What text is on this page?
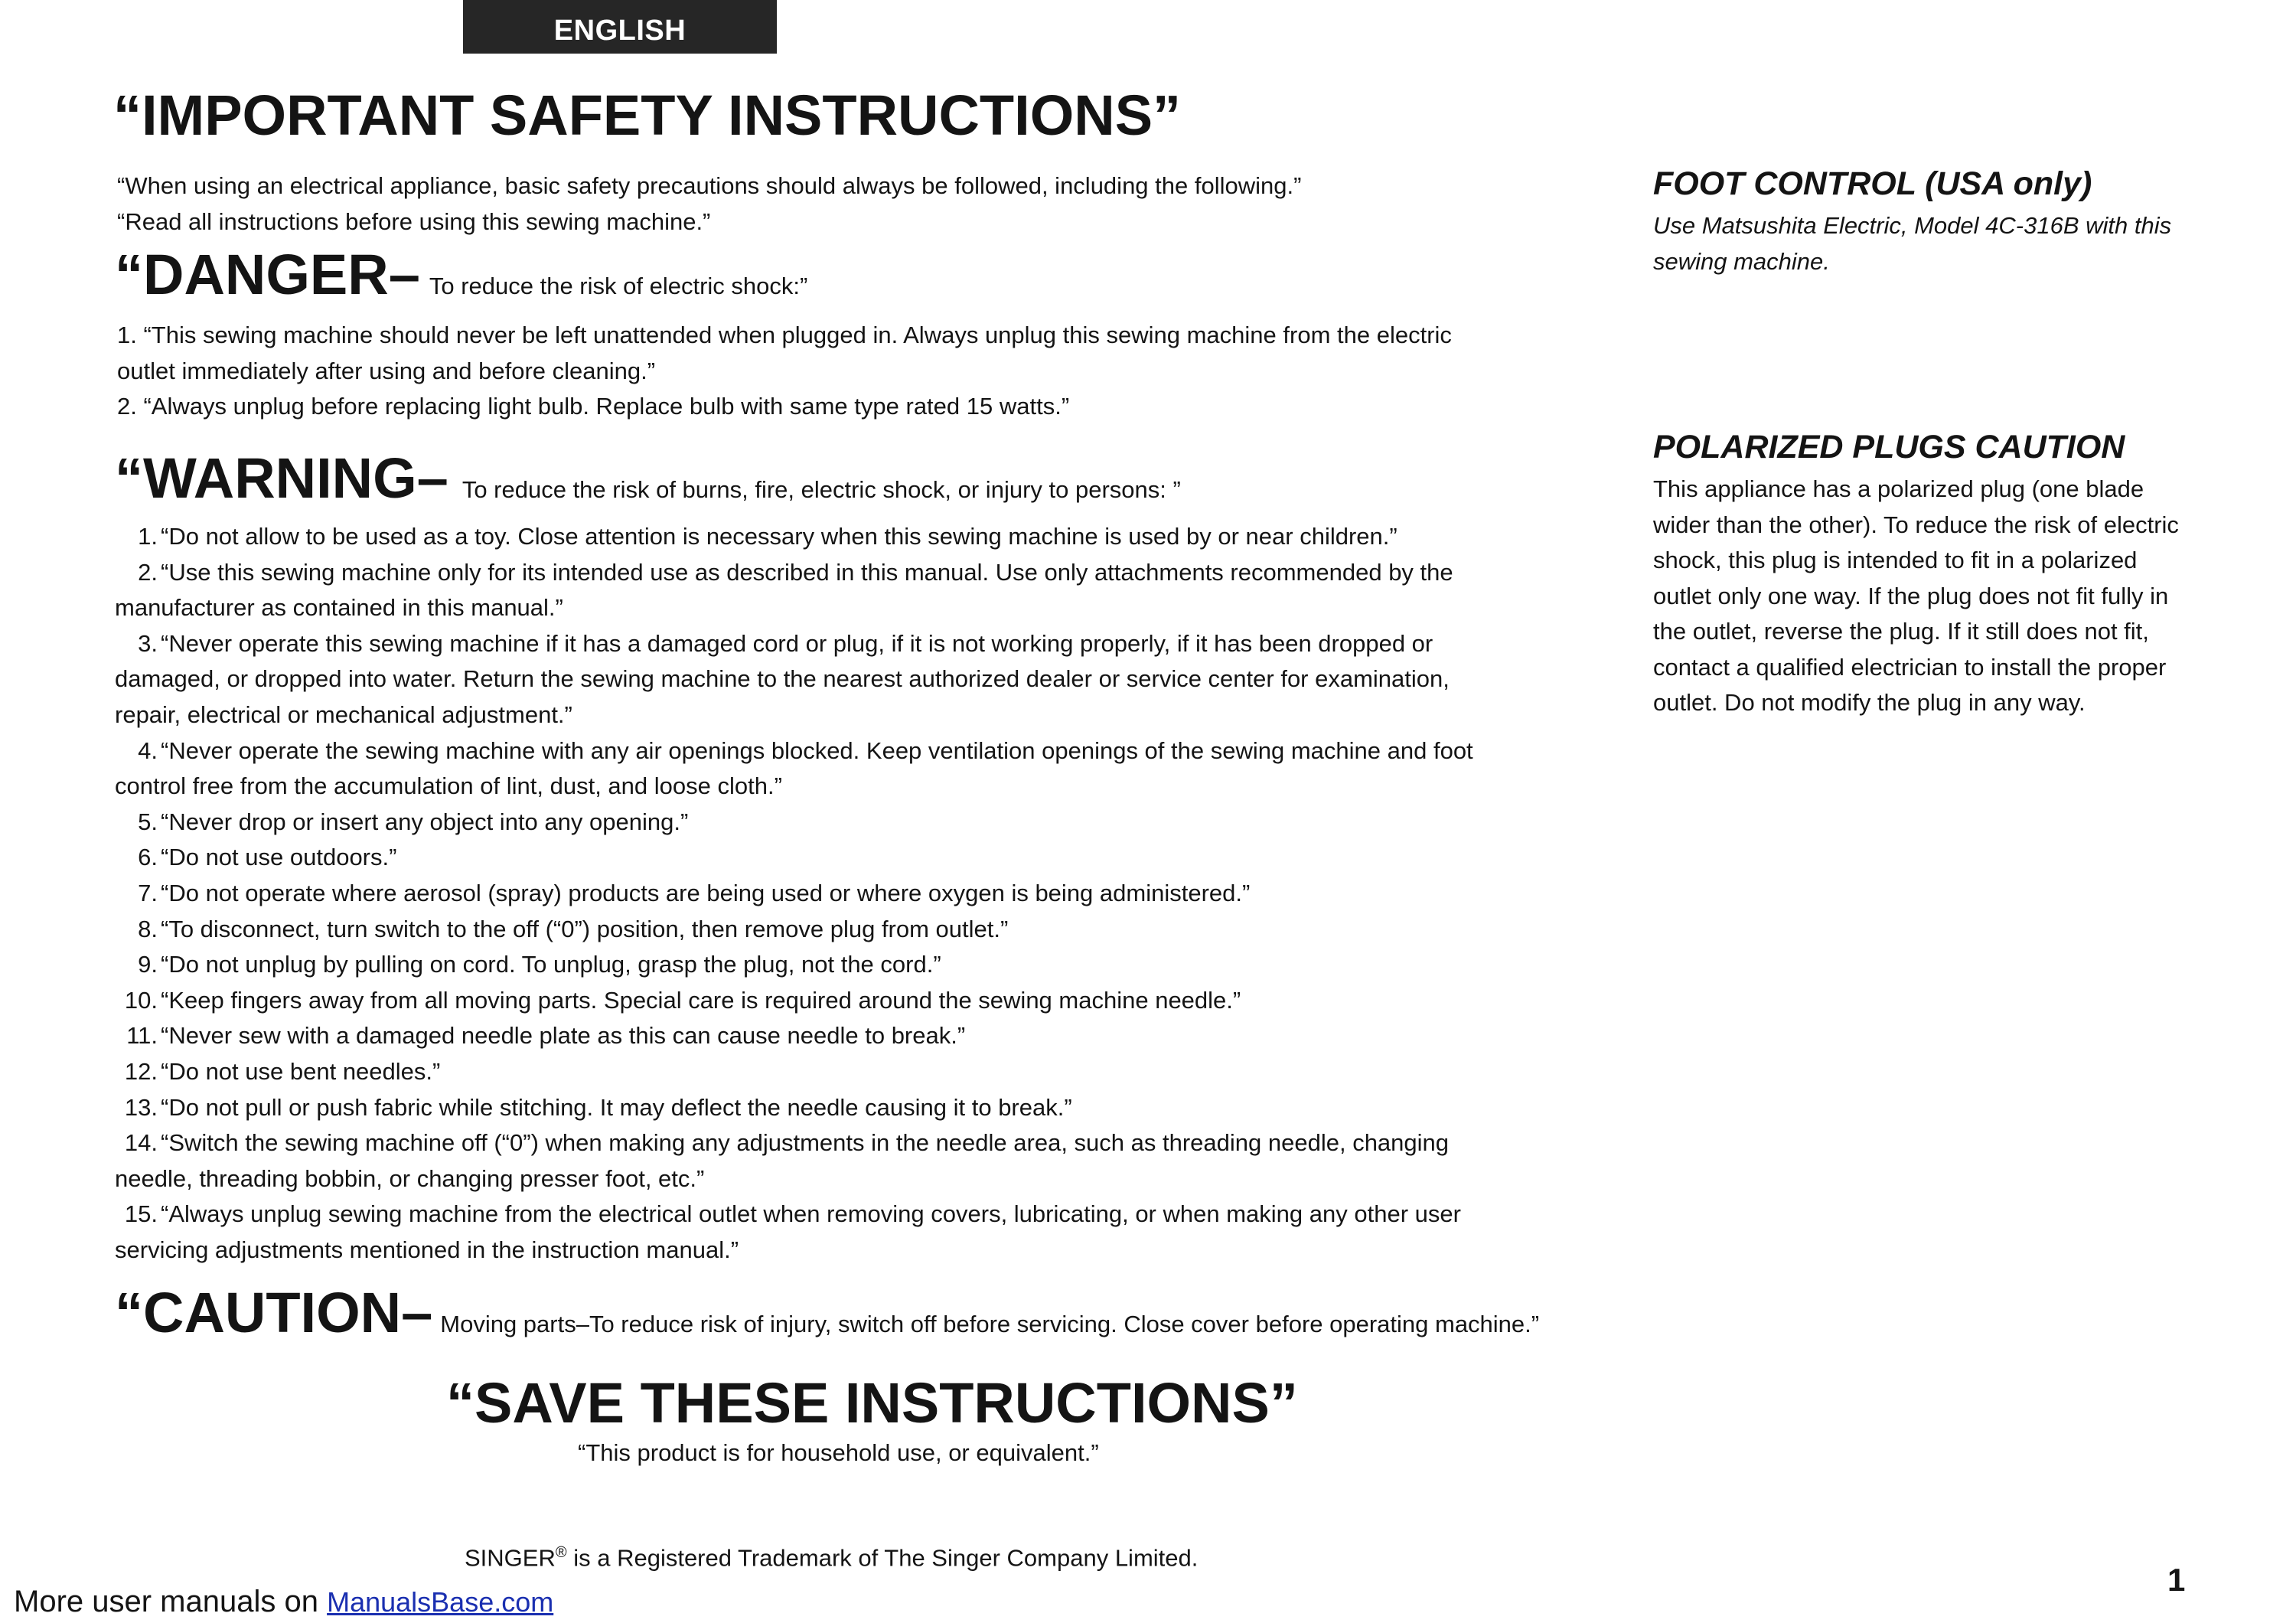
ENGLISH
“IMPORTANT SAFETY INSTRUCTIONS”
“When using an electrical appliance, basic safety precautions should always be followed, including the following.”
“Read all instructions before using this sewing machine.”
“DANGER– To reduce the risk of electric shock:”
1. “This sewing machine should never be left unattended when plugged in. Always unplug this sewing machine from the electric
outlet immediately after using and before cleaning.”
2. “Always unplug before replacing light bulb. Replace bulb with same type rated 15 watts.”
“WARNING– To reduce the risk of burns, fire, electric shock, or injury to persons: ”
1. “Do not allow to be used as a toy. Close attention is necessary when this sewing machine is used by or near children.”
2. “Use this sewing machine only for its intended use as described in this manual. Use only attachments recommended by the
manufacturer as contained in this manual.”
3. “Never operate this sewing machine if it has a damaged cord or plug, if it is not working properly, if it has been dropped or
damaged, or dropped into water. Return the sewing machine to the nearest authorized dealer or service center for examination,
repair, electrical or mechanical adjustment.”
4. “Never operate the sewing machine with any air openings blocked. Keep ventilation openings of the sewing machine and foot
control free from the accumulation of lint, dust, and loose cloth.”
5. “Never drop or insert any object into any opening.”
6. “Do not use outdoors.”
7. “Do not operate where aerosol (spray) products are being used or where oxygen is being administered.”
8. “To disconnect, turn switch to the off (“0”) position, then remove plug from outlet.”
9. “Do not unplug by pulling on cord. To unplug, grasp the plug, not the cord.”
10. “Keep fingers away from all moving parts. Special care is required around the sewing machine needle.”
11. “Never sew with a damaged needle plate as this can cause needle to break.”
12. “Do not use bent needles.”
13. “Do not pull or push fabric while stitching. It may deflect the needle causing it to break.”
14. “Switch the sewing machine off (“0”) when making any adjustments in the needle area, such as threading needle, changing
needle, threading bobbin, or changing presser foot, etc.”
15. “Always unplug sewing machine from the electrical outlet when removing covers, lubricating, or when making any other user
servicing adjustments mentioned in the instruction manual.”
“CAUTION– Moving parts–To reduce risk of injury, switch off before servicing. Close cover before operating machine.”
“SAVE THESE INSTRUCTIONS”
“This product is for household use, or equivalent.”
SINGER® is a Registered Trademark of The Singer Company Limited.
FOOT CONTROL (USA only)
Use Matsushita Electric, Model 4C-316B with this
sewing machine.
POLARIZED PLUGS CAUTION
This appliance has a polarized plug (one blade
wider than the other). To reduce the risk of electric
shock, this plug is intended to fit in a polarized
outlet only one way. If the plug does not fit fully in
the outlet, reverse the plug. If it still does not fit,
contact a qualified electrician to install the proper
outlet. Do not modify the plug in any way.
More user manuals on ManualsBase.com
1
